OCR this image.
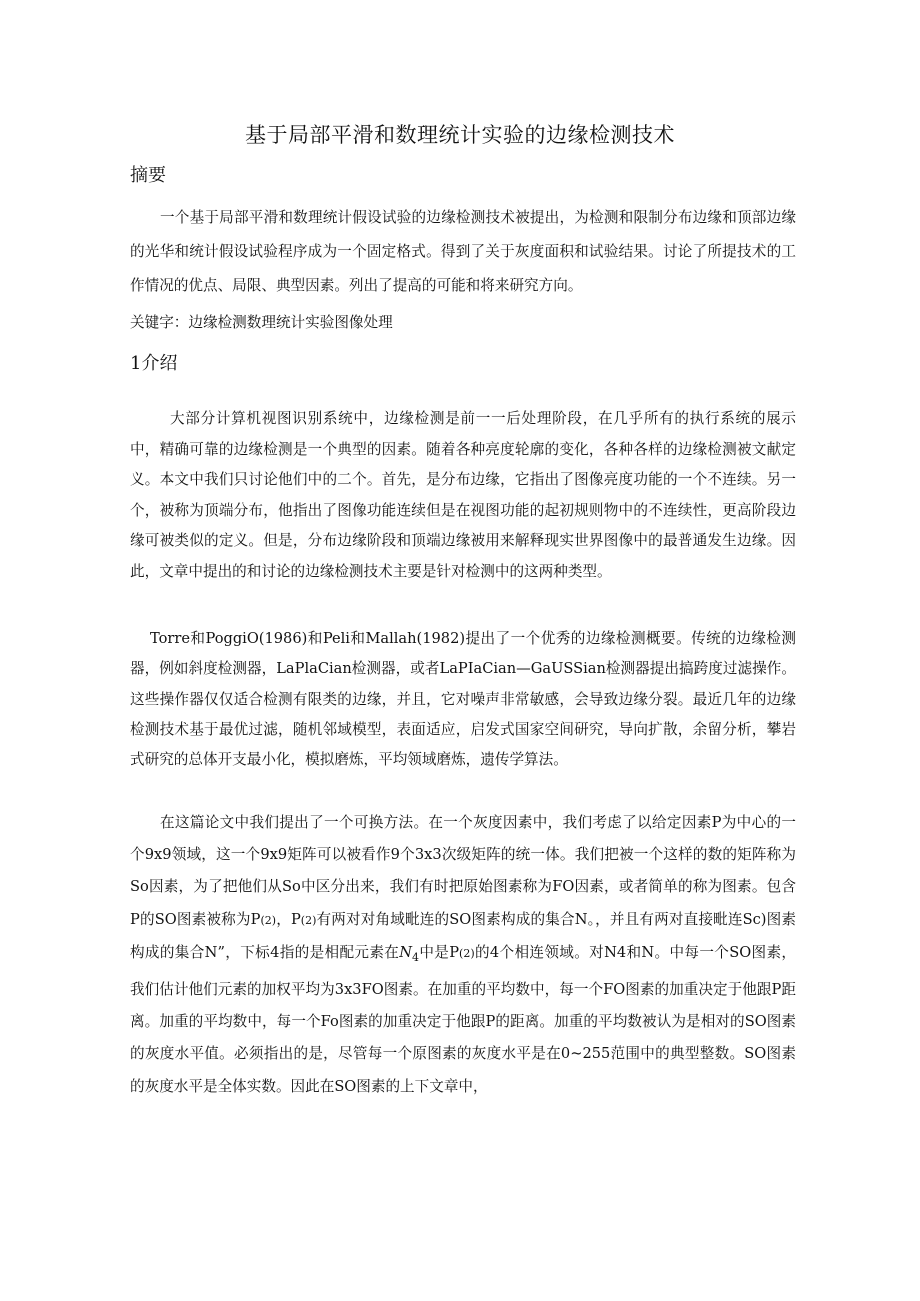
基于局部平滑和数理统计实验的边缘检测技术
摘要
一个基于局部平滑和数理统计假设试验的边缘检测技术被提出，为检测和限制分布边缘和顶部边缘的光华和统计假设试验程序成为一个固定格式。得到了关于灰度面积和试验结果。讨论了所提技术的工作情况的优点、局限、典型因素。列出了提高的可能和将来研究方向。
关键字：边缘检测数理统计实验图像处理
1介绍
大部分计算机视图识别系统中，边缘检测是前一一后处理阶段，在几乎所有的执行系统的展示中，精确可靠的边缘检测是一个典型的因素。随着各种亮度轮廓的变化，各种各样的边缘检测被文献定义。本文中我们只讨论他们中的二个。首先，是分布边缘，它指出了图像亮度功能的一个不连续。另一个，被称为顶端分布，他指出了图像功能连续但是在视图功能的起初规则物中的不连续性，更高阶段边缘可被类似的定义。但是，分布边缘阶段和顶端边缘被用来解释现实世界图像中的最普通发生边缘。因此，文章中提出的和讨论的边缘检测技术主要是针对检测中的这两种类型。
Torre和PoggiO(1986)和Peli和Mallah(1982)提出了一个优秀的边缘检测概要。传统的边缘检测器，例如斜度检测器，LaPlaCian检测器，或者LaPIaCian—GaUSSian检测器提出搞跨度过滤操作。这些操作器仅仅适合检测有限类的边缘，并且，它对噪声非常敏感，会导致边缘分裂。最近几年的边缘检测技术基于最优过滤，随机邻域模型，表面适应，启发式国家空间研究，导向扩散，余留分析，攀岩式研究的总体开支最小化，模拟磨炼，平均领域磨炼，遗传学算法。
在这篇论文中我们提出了一个可换方法。在一个灰度因素中，我们考虑了以给定因素P为中心的一个9x9领域，这一个9x9矩阵可以被看作9个3x3次级矩阵的统一体。我们把被一个这样的数的矩阵称为So因素，为了把他们从So中区分出来，我们有时把原始图素称为FO因素，或者简单的称为图素。包含P的SO图素被称为P(2)，P(2)有两对对角域毗连的SO图素构成的集合N。，并且有两对直接毗连Sc)图素构成的集合N”，下标4指的是相配元素在$N_4$中是P(2)的4个相连领域。对N4和N。中每一个SO图素，我们估计他们元素的加权平均为3x3FO图素。在加重的平均数中，每一个FO图素的加重决定于他跟P距离。加重的平均数中，每一个Fo图素的加重决定于他跟P的距离。加重的平均数被认为是相对的SO图素的灰度水平值。必须指出的是，尽管每一个原图素的灰度水平是在0~255范围中的典型整数。SO图素的灰度水平是全体实数。因此在SO图素的上下文章中，
